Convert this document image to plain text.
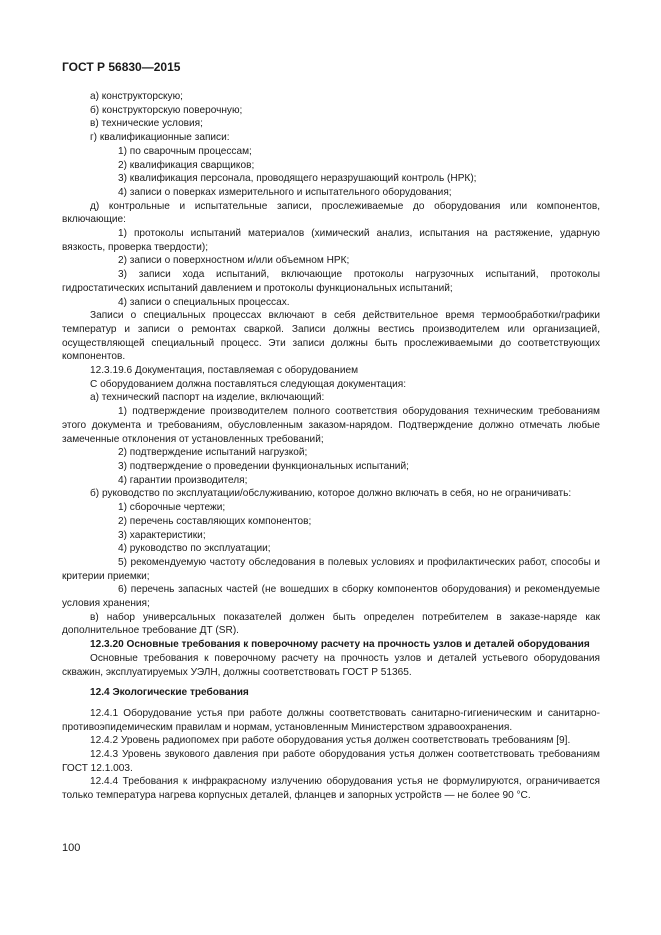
ГОСТ Р 56830—2015

а) конструкторскую;

б) конструкторскую поверочную;

в) технические условия;

г) квалификационные записи:

1) по сварочным процессам;

2) квалификация сварщиков;

3) квалификация персонала, проводящего неразрушающий контроль (НРК);

4) записи о поверках измерительного и испытательного оборудования;

д) контрольные и испытательные записи, прослеживаемые до оборудования или компонентов, включающие:

1) протоколы испытаний материалов (химический анализ, испытания на растяжение, ударную вязкость, проверка твердости);

2) записи о поверхностном и/или объемном НРК;

3) записи хода испытаний, включающие протоколы нагрузочных испытаний, протоколы гидростатических испытаний давлением и протоколы функциональных испытаний;

4) записи о специальных процессах.

Записи о специальных процессах включают в себя действительное время термообработки/графики температур и записи о ремонтах сваркой. Записи должны вестись производителем или организацией, осуществляющей специальный процесс. Эти записи должны быть прослеживаемыми до соответствующих компонентов.

12.3.19.6 Документация, поставляемая с оборудованием

С оборудованием должна поставляться следующая документация:

а) технический паспорт на изделие, включающий:

1) подтверждение производителем полного соответствия оборудования техническим требованиям этого документа и требованиям, обусловленным заказом-нарядом. Подтверждение должно отмечать любые замеченные отклонения от установленных требований;

2) подтверждение испытаний нагрузкой;

3) подтверждение о проведении функциональных испытаний;

4) гарантии производителя;

б) руководство по эксплуатации/обслуживанию, которое должно включать в себя, но не ограничивать:

1) сборочные чертежи;

2) перечень составляющих компонентов;

3) характеристики;

4) руководство по эксплуатации;

5) рекомендуемую частоту обследования в полевых условиях и профилактических работ, способы и критерии приемки;

6) перечень запасных частей (не вошедших в сборку компонентов оборудования) и рекомендуемые условия хранения;

в) набор универсальных показателей должен быть определен потребителем в заказе-наряде как дополнительное требование ДТ (SR).

12.3.20 Основные требования к поверочному расчету на прочность узлов и деталей оборудования

Основные требования к поверочному расчету на прочность узлов и деталей устьевого оборудования скважин, эксплуатируемых УЭЛН, должны соответствовать ГОСТ Р 51365.

12.4 Экологические требования

12.4.1 Оборудование устья при работе должны соответствовать санитарно-гигиеническим и санитарно-противоэпидемическим правилам и нормам, установленным Министерством здравоохранения.

12.4.2 Уровень радиопомех при работе оборудования устья должен соответствовать требованиям [9].

12.4.3 Уровень звукового давления при работе оборудования устья должен соответствовать требованиям ГОСТ 12.1.003.

12.4.4 Требования к инфракрасному излучению оборудования устья не формулируются, ограничивается только температура нагрева корпусных деталей, фланцев и запорных устройств — не более 90 °С.

100
